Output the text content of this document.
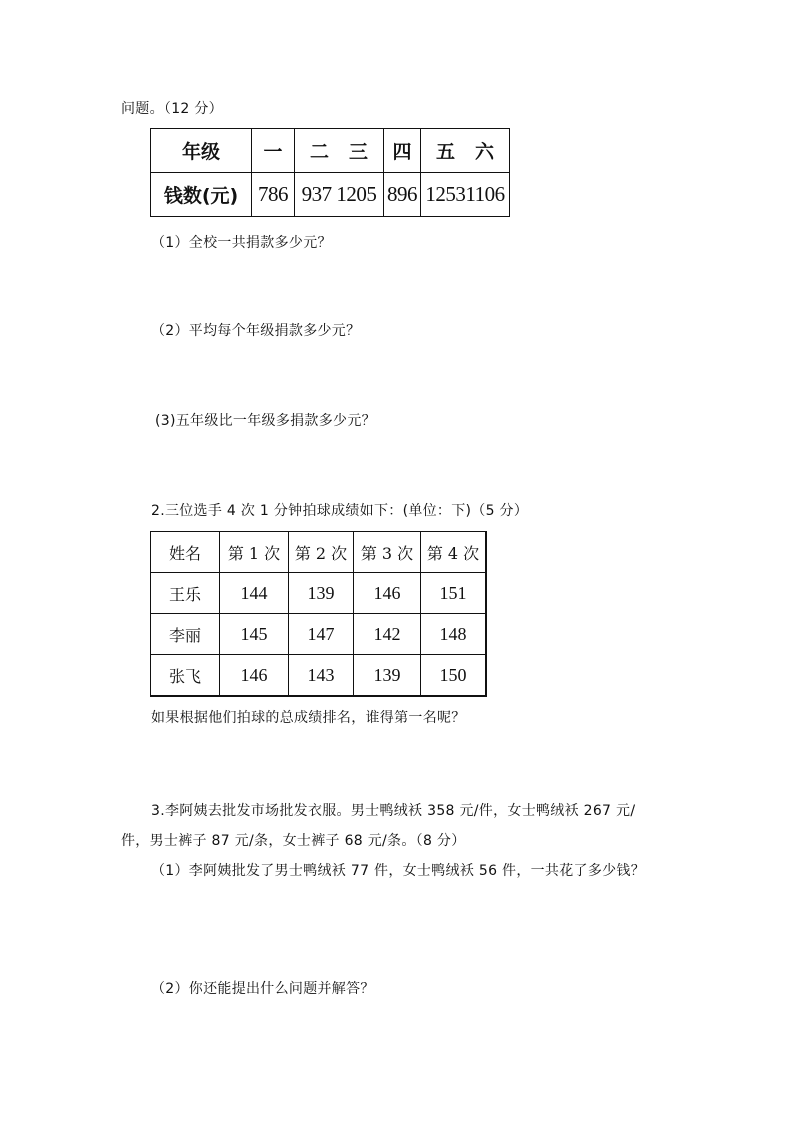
问题。（12 分）
年级	一	二 三	四	五 六
钱数(元)	786	937 1205	896	12531106
（1）全校一共捐款多少元？
（2）平均每个年级捐款多少元？
(3)五年级比一年级多捐款多少元？
2.三位选手 4 次 1 分钟拍球成绩如下：(单位：下)（5 分）
姓名	第 1 次	第 2 次	第 3 次	第 4 次
王乐	144	139	146	151
李丽	145	147	142	148
张飞	146	143	139	150
如果根据他们拍球的总成绩排名，谁得第一名呢？
3.李阿姨去批发市场批发衣服。男士鸭绒袄 358 元/件，女士鸭绒袄 267 元/
件，男士裤子 87 元/条，女士裤子 68 元/条。（8 分）
（1）李阿姨批发了男士鸭绒袄 77 件，女士鸭绒袄 56 件，一共花了多少钱？
（2）你还能提出什么问题并解答？
